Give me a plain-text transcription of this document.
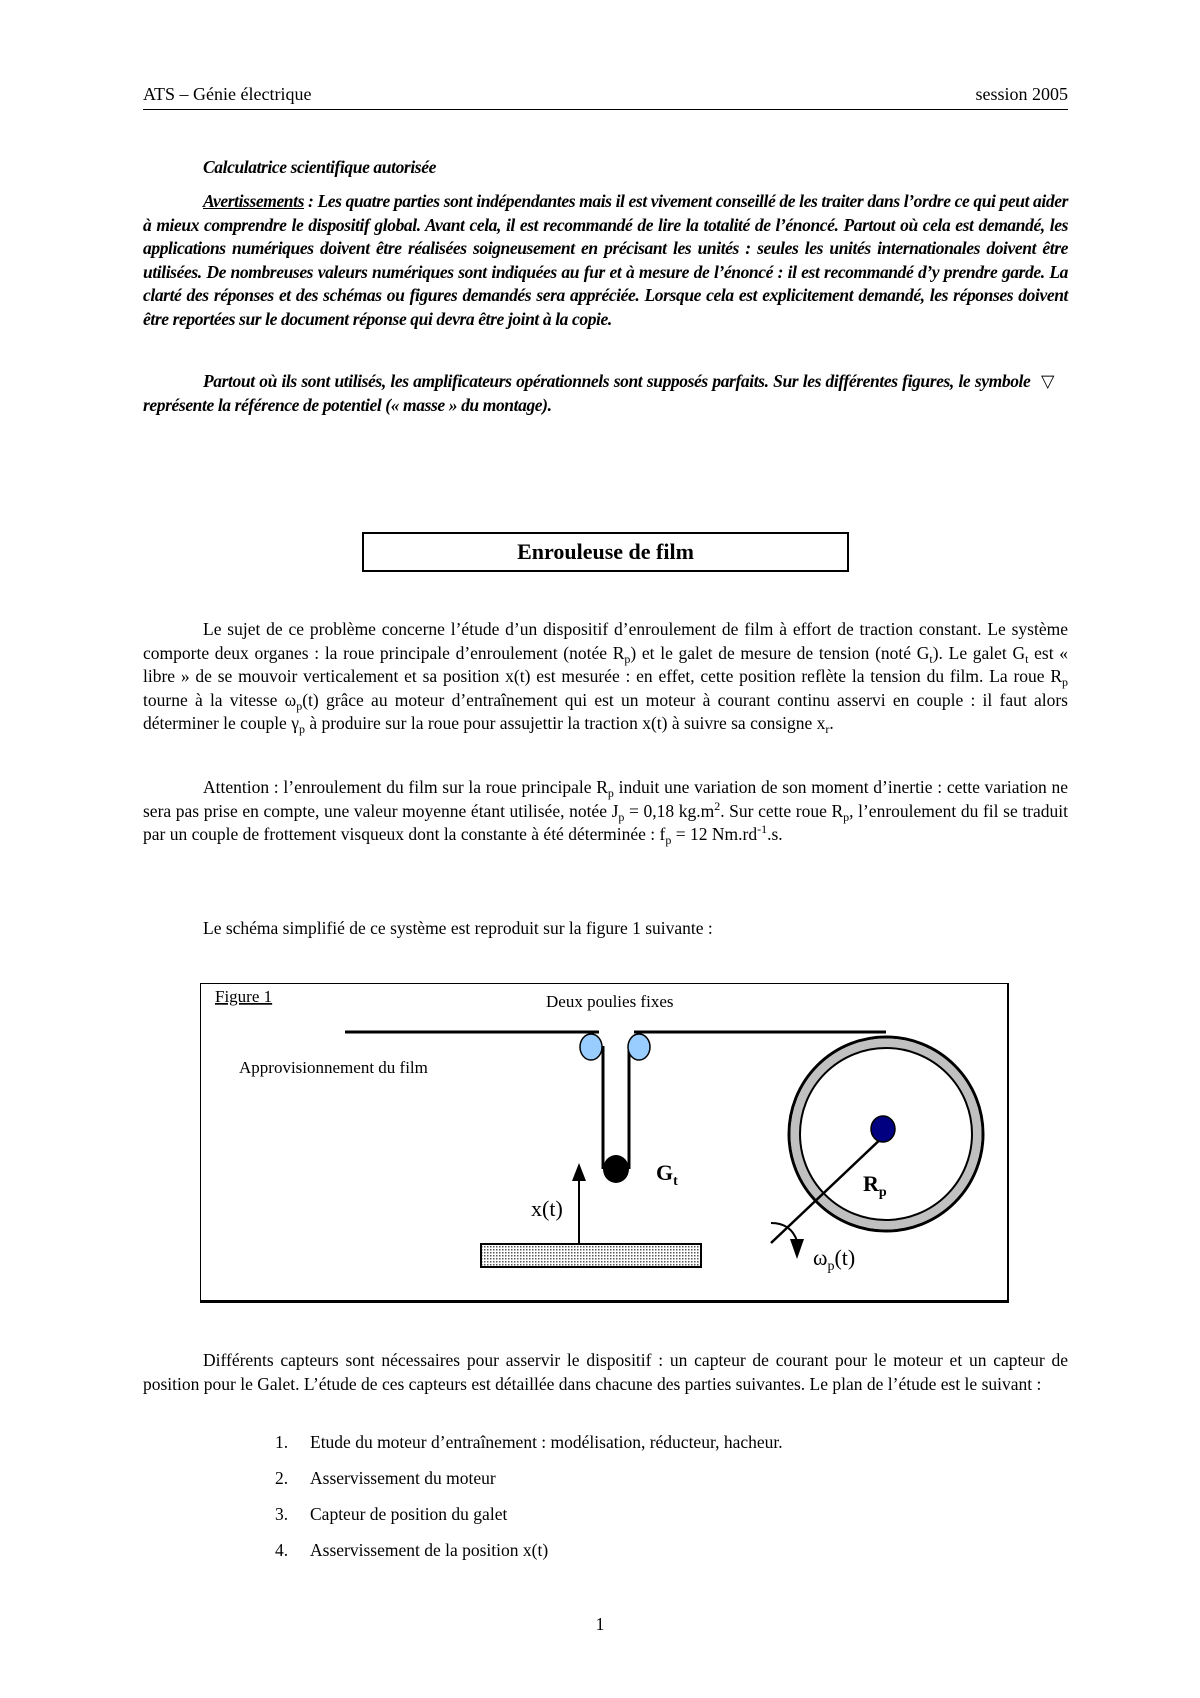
ATS – Génie électrique	session 2005
Calculatrice scientifique autorisée
Avertissements : Les quatre parties sont indépendantes mais il est vivement conseillé de les traiter dans l’ordre ce qui peut aider à mieux comprendre le dispositif global. Avant cela, il est recommandé de lire la totalité de l’énoncé. Partout où cela est demandé, les applications numériques doivent être réalisées soigneusement en précisant les unités : seules les unités internationales doivent être utilisées. De nombreuses valeurs numériques sont indiquées au fur et à mesure de l’énoncé : il est recommandé d’y prendre garde. La clarté des réponses et des schémas ou figures demandés sera appréciée. Lorsque cela est explicitement demandé, les réponses doivent être reportées sur le document réponse qui devra être joint à la copie.
Partout où ils sont utilisés, les amplificateurs opérationnels sont supposés parfaits. Sur les différentes figures, le symbole ▽ représente la référence de potentiel (« masse » du montage).
Enrouleuse de film
Le sujet de ce problème concerne l’étude d’un dispositif d’enroulement de film à effort de traction constant. Le système comporte deux organes : la roue principale d’enroulement (notée $R_p$) et le galet de mesure de tension (noté $G_t$). Le galet $G_t$ est « libre » de se mouvoir verticalement et sa position x(t) est mesurée : en effet, cette position reflète la tension du film. La roue $R_p$ tourne à la vitesse $\omega_p(t)$ grâce au moteur d’entraînement qui est un moteur à courant continu asservi en couple : il faut alors déterminer le couple $\gamma_p$ à produire sur la roue pour assujettir la traction x(t) à suivre sa consigne $x_r$.
Attention : l’enroulement du film sur la roue principale $R_p$ induit une variation de son moment d’inertie : cette variation ne sera pas prise en compte, une valeur moyenne étant utilisée, notée $J_p = 0,18$ $kg.m^2$. Sur cette roue $R_p$, l’enroulement du fil se traduit par un couple de frottement visqueux dont la constante à été déterminée : $f_p = 12$ $Nm.rd^{-1}.s$.
Le schéma simplifié de ce système est reproduit sur la figure 1 suivante :
Figure 1	Deux poulies fixes
Approvisionnement du film
$G_t$
x(t)
$R_p$
$\omega_p(t)$
Différents capteurs sont nécessaires pour asservir le dispositif : un capteur de courant pour le moteur et un capteur de position pour le Galet. L’étude de ces capteurs est détaillée dans chacune des parties suivantes. Le plan de l’étude est le suivant :
1. Etude du moteur d’entraînement : modélisation, réducteur, hacheur.
2. Asservissement du moteur
3. Capteur de position du galet
4. Asservissement de la position x(t)
1
